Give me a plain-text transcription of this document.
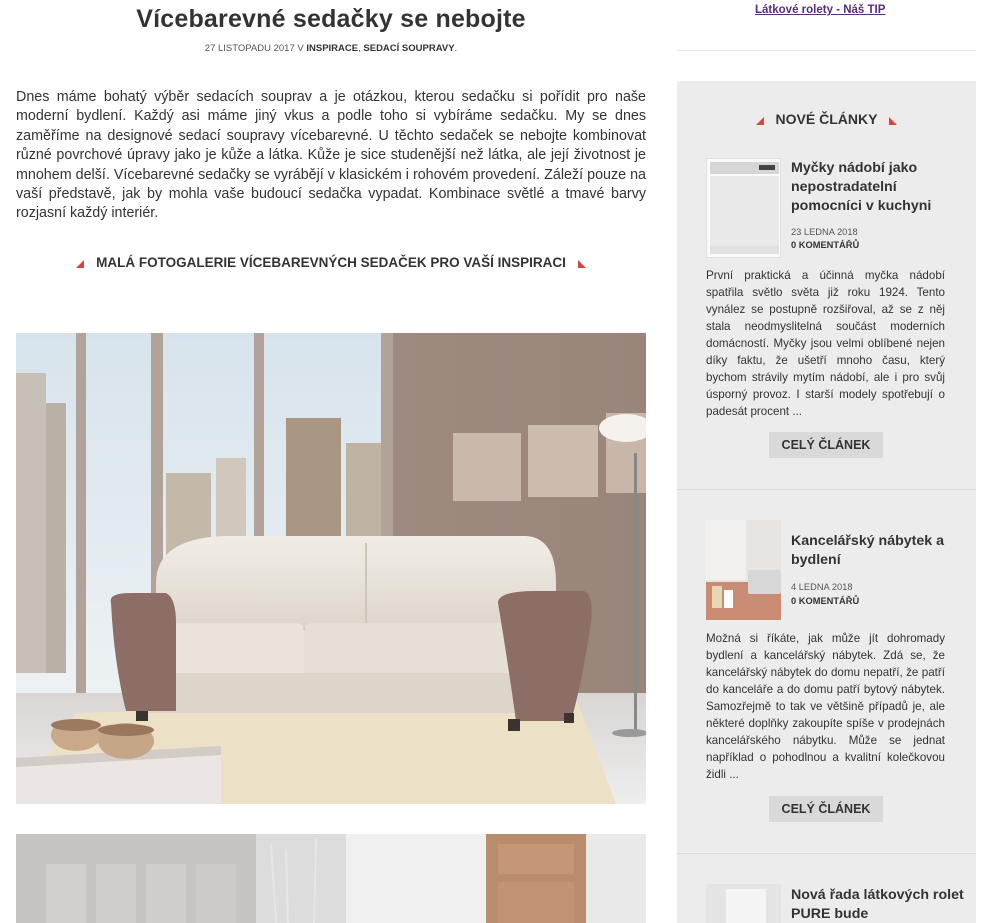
Vícebarevné sedačky se nebojte
27 LISTOPADU 2017 V INSPIRACE, SEDACÍ SOUPRAVY.

Dnes máme bohatý výběr sedacích souprav a je otázkou, kterou sedačku si pořídit pro naše moderní bydlení. Každý asi máme jiný vkus a podle toho si vybíráme sedačku. My se dnes zaměříme na designové sedací soupravy vícebarevné. U těchto sedaček se nebojte kombinovat různé povrchové úpravy jako je kůže a látka. Kůže je sice studenější než látka, ale její životnost je mnohem delší. Vícebarevné sedačky se vyrábějí v klasickém i rohovém provedení. Záleží pouze na vaší představě, jak by mohla vaše budoucí sedačka vypadat. Kombinace světlé a tmavé barvy rozjasní každý interiér.

MALÁ FOTOGALERIE VÍCEBAREVNÝCH SEDAČEK PRO VAŠÍ INSPIRACI
Látkové rolety - Náš TIP
NOVÉ ČLÁNKY
Myčky nádobí jako nepostradatelní pomocníci v kuchyni
23 LEDNA 2018
0 KOMENTÁŘŮ

První praktická a účinná myčka nádobí spatřila světlo světa již roku 1924. Tento vynález se postupně rozšiřoval, až se z něj stala neodmyslitelná součást moderních domácností. Myčky jsou velmi oblíbené nejen díky faktu, že ušetří mnoho času, který bychom strávily mytím nádobí, ale i pro svůj úsporný provoz. I starší modely spotřebují o padesát procent ...

CELÝ ČLÁNEK
Kancelářský nábytek a bydlení
4 LEDNA 2018
0 KOMENTÁŘŮ

Možná si říkáte, jak může jít dohromady bydlení a kancelářský nábytek. Zdá se, že kancelářský nábytek do domu nepatří, že patří do kanceláře a do domu patří bytový nábytek. Samozřejmě to tak ve většině případů je, ale některé doplňky zakoupíte spíše v prodejnách kancelářského nábytku. Může se jednat například o pohodlnou a kvalitní kolečkovou židli ...

CELÝ ČLÁNEK
Nová řada látkových rolet PURE bude
